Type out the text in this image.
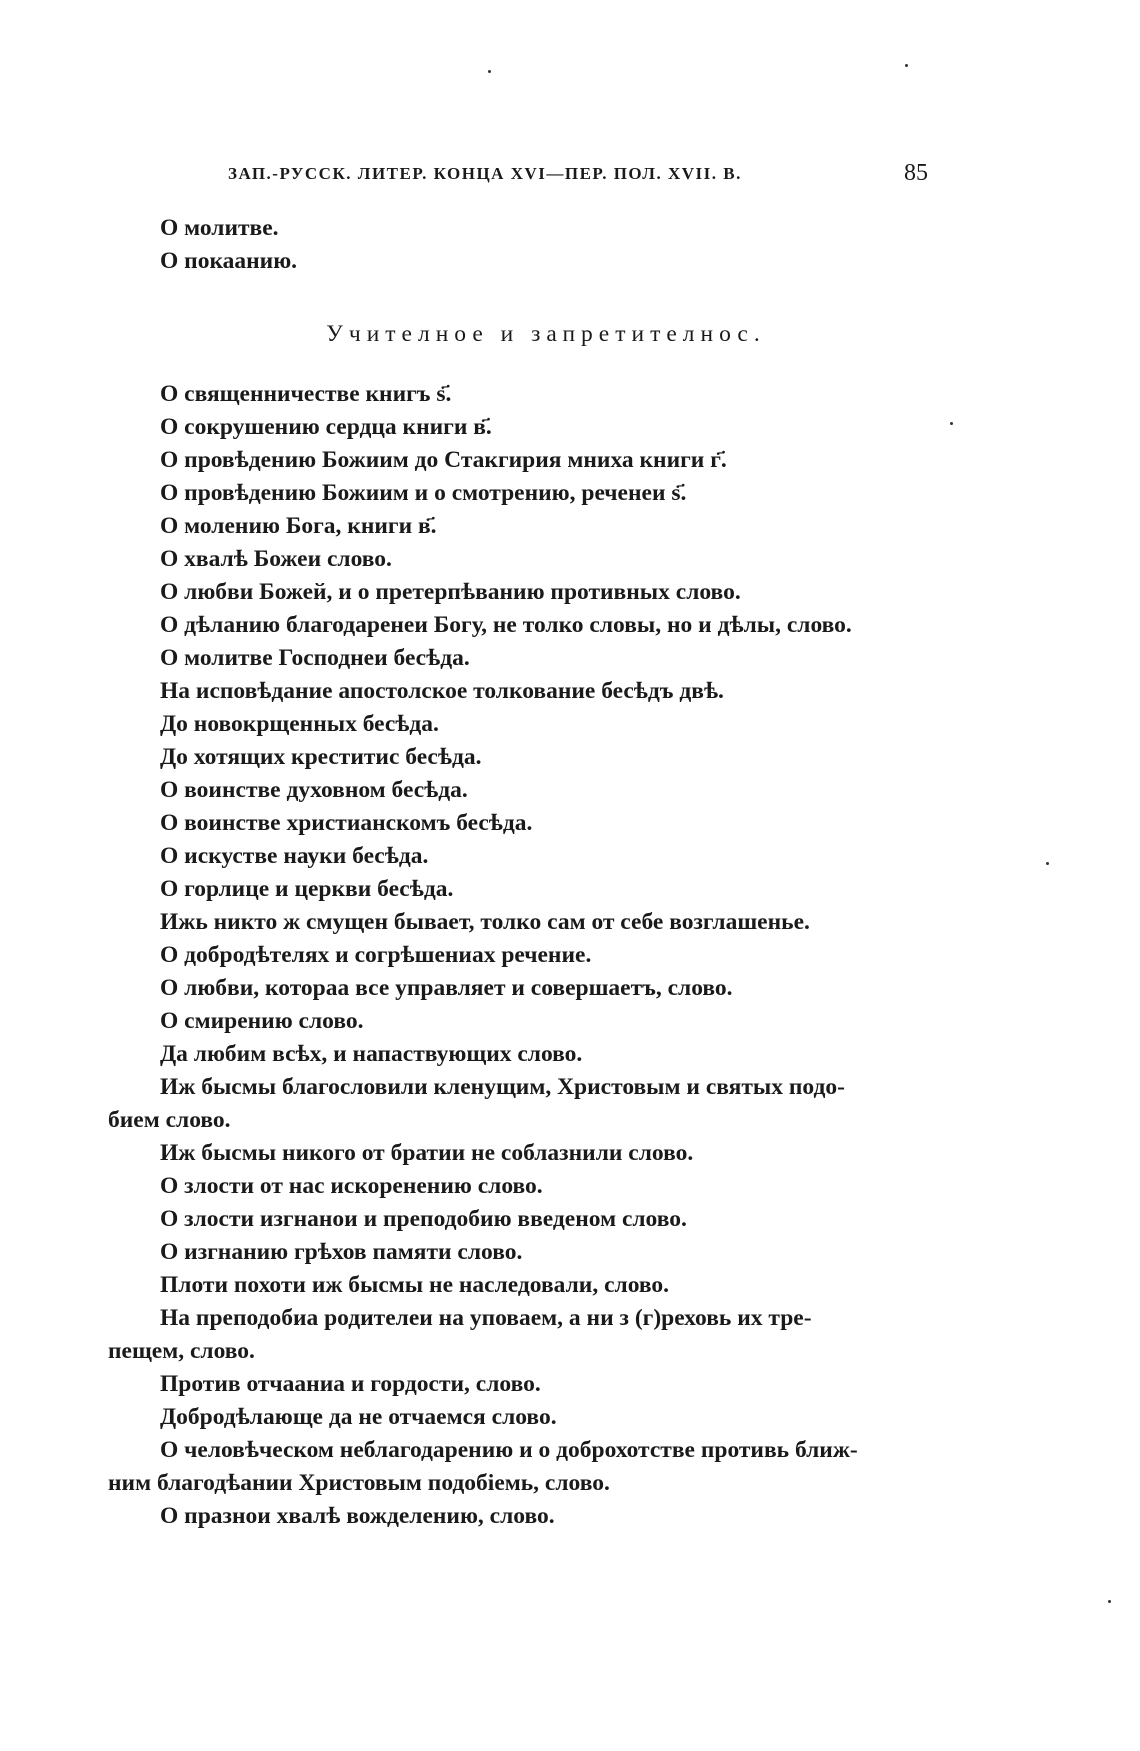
ЗАП.-РУССК. ЛИТЕР. КОНЦА XVI—ПЕР. ПОЛ. XVII. В.	85

О молитве.

О покаанию.

Учителное и запретителнос.

О священничестве книгъ ѕ҃.

О сокрушению сердца книги в҃.

О провѣдению Божиим до Стакгирия мниха книги г҃.

О провѣдению Божиим и о смотрению, реченеи ѕ҃.

О молению Бога, книги в҃.

О хвалѣ Божеи слово.

О любви Божей, и о претерпѣванию противных слово.

О дѣланию благодаренеи Богу, не толко словы, но и дѣлы, слово.

О молитве Господнеи бесѣда.

На исповѣдание апостолское толкование бесѣдъ двѣ.

До новокрщенных бесѣда.

До хотящих креститис бесѣда.

О воинстве духовном бесѣда.

О воинстве христианскомъ бесѣда.

О искустве науки бесѣда.

О горлице и церкви бесѣда.

Ижь никто ж смущен бывает, толко сам от себе возглашенье.

О добродѣтелях и согрѣшениах речение.

О любви, котораа все управляет и совершаетъ, слово.

О смирению слово.

Да любим всѣх, и напаствующих слово.

Иж бысмы благословили кленущим, Христовым и святых подо-
бием слово.

Иж бысмы никого от братии не соблазнили слово.

О злости от нас искоренению слово.

О злости изгнанои и преподобию введеном слово.

О изгнанию грѣхов памяти слово.

Плоти похоти иж бысмы не наследовали, слово.

На преподобиа родителеи на уповаем, а ни з (г)реховь их тре-
пещем, слово.

Против отчааниа и гордости, слово.

Добродѣлающе да не отчаемся слово.

О человѣческом неблагодарению и о доброхотстве противь ближ-
ним благодѣании Христовым подобіемь, слово.

О празнои хвалѣ вожделению, слово.
